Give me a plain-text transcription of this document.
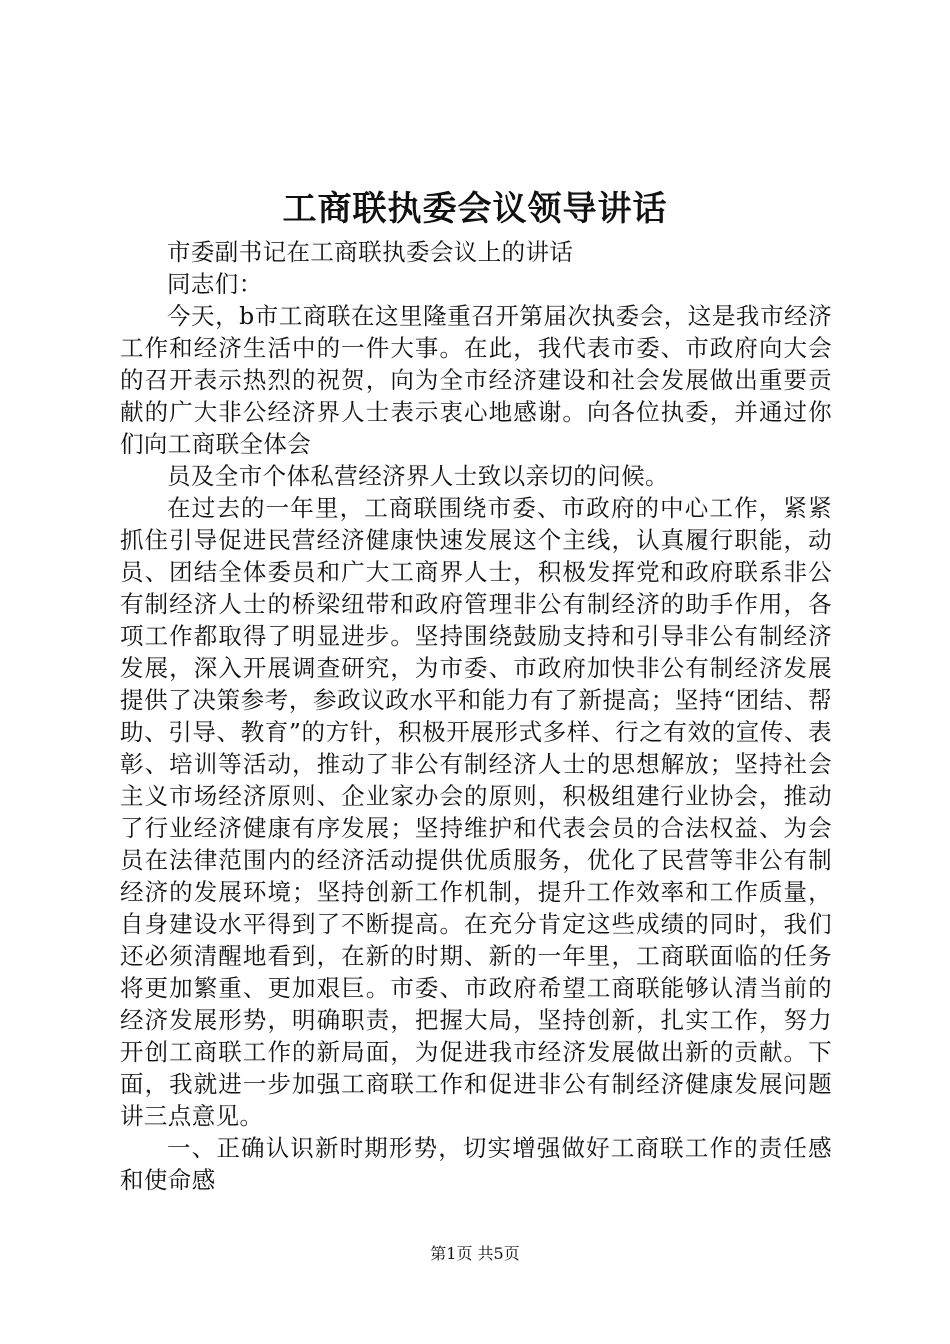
工商联执委会议领导讲话

市委副书记在工商联执委会议上的讲话

同志们：

今天，b市工商联在这里隆重召开第届次执委会，这是我市经济工作和经济生活中的一件大事。在此，我代表市委、市政府向大会的召开表示热烈的祝贺，向为全市经济建设和社会发展做出重要贡献的广大非公经济界人士表示衷心地感谢。向各位执委，并通过你们向工商联全体会

员及全市个体私营经济界人士致以亲切的问候。

在过去的一年里，工商联围绕市委、市政府的中心工作，紧紧抓住引导促进民营经济健康快速发展这个主线，认真履行职能，动员、团结全体委员和广大工商界人士，积极发挥党和政府联系非公有制经济人士的桥梁纽带和政府管理非公有制经济的助手作用，各项工作都取得了明显进步。坚持围绕鼓励支持和引导非公有制经济发展，深入开展调查研究，为市委、市政府加快非公有制经济发展提供了决策参考，参政议政水平和能力有了新提高；坚持“团结、帮助、引导、教育”的方针，积极开展形式多样、行之有效的宣传、表彰、培训等活动，推动了非公有制经济人士的思想解放；坚持社会主义市场经济原则、企业家办会的原则，积极组建行业协会，推动了行业经济健康有序发展；坚持维护和代表会员的合法权益、为会员在法律范围内的经济活动提供优质服务，优化了民营等非公有制经济的发展环境；坚持创新工作机制，提升工作效率和工作质量，自身建设水平得到了不断提高。在充分肯定这些成绩的同时，我们还必须清醒地看到，在新的时期、新的一年里，工商联面临的任务将更加繁重、更加艰巨。市委、市政府希望工商联能够认清当前的经济发展形势，明确职责，把握大局，坚持创新，扎实工作，努力开创工商联工作的新局面，为促进我市经济发展做出新的贡献。下面，我就进一步加强工商联工作和促进非公有制经济健康发展问题讲三点意见。

一、正确认识新时期形势，切实增强做好工商联工作的责任感和使命感

第1页 共5页
